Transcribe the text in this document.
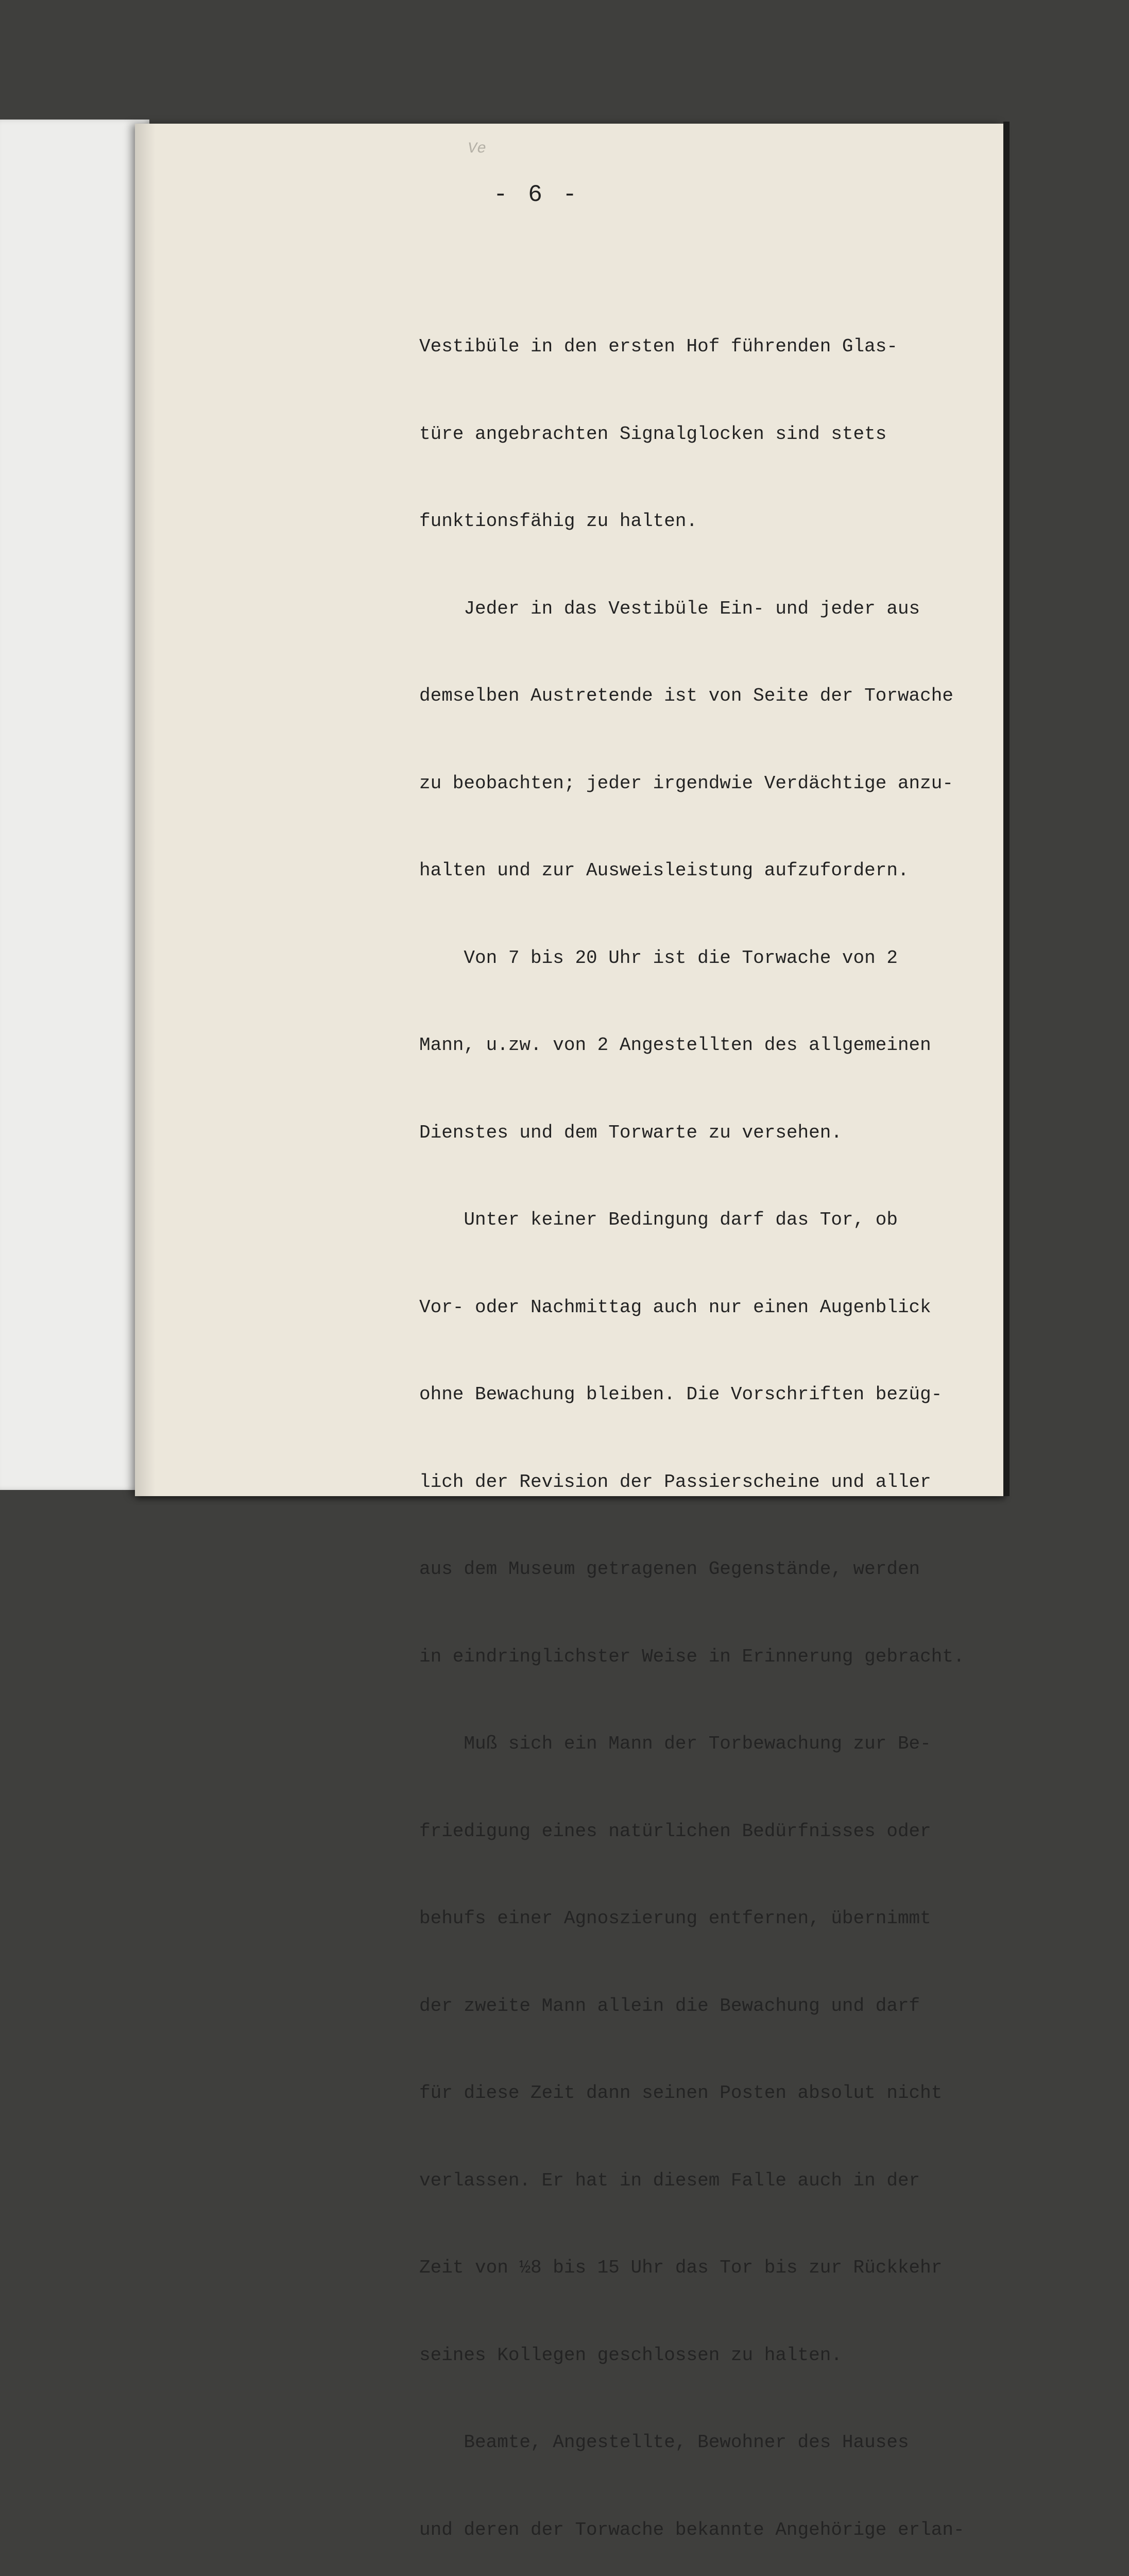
Ve
- 6 -

Vestibüle in den ersten Hof führenden Glas-

türe angebrachten Signalglocken sind stets

funktionsfähig zu halten.

Jeder in das Vestibüle Ein- und jeder aus

demselben Austretende ist von Seite der Torwache

zu beobachten; jeder irgendwie Verdächtige anzu-

halten und zur Ausweisleistung aufzufordern.

Von 7 bis 20 Uhr ist die Torwache von 2

Mann, u.zw. von 2 Angestellten des allgemeinen

Dienstes und dem Torwarte zu versehen.

Unter keiner Bedingung darf das Tor, ob

Vor- oder Nachmittag auch nur einen Augenblick

ohne Bewachung bleiben. Die Vorschriften bezüg-

lich der Revision der Passierscheine und aller

aus dem Museum getragenen Gegenstände, werden

in eindringlichster Weise in Erinnerung gebracht.

Muß sich ein Mann der Torbewachung zur Be-

friedigung eines natürlichen Bedürfnisses oder

behufs einer Agnoszierung entfernen, übernimmt

der zweite Mann allein die Bewachung und darf

für diese Zeit dann seinen Posten absolut nicht

verlassen. Er hat in diesem Falle auch in der

Zeit von ½8 bis 15 Uhr das Tor bis zur Rückkehr

seines Kollegen geschlossen zu halten.

Beamte, Angestellte, Bewohner des Hauses

und deren der Torwache bekannte Angehörige erlan-
